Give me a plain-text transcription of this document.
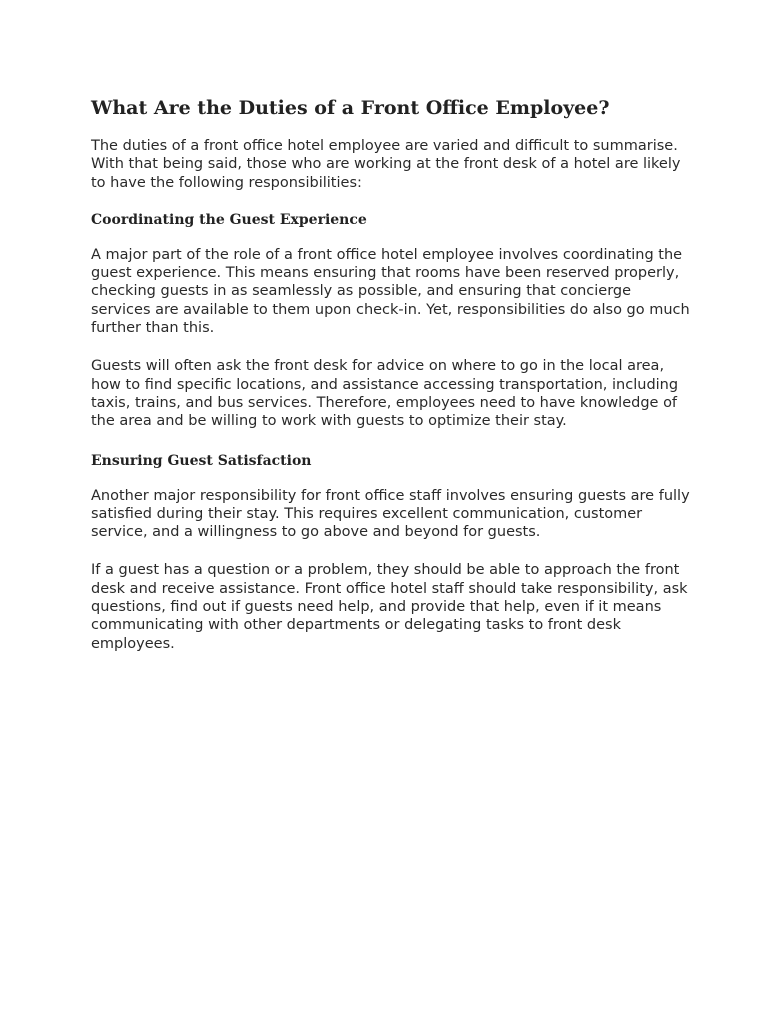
What Are the Duties of a Front Office Employee?

The duties of a front office hotel employee are varied and difficult to summarise. With that being said, those who are working at the front desk of a hotel are likely to have the following responsibilities:

Coordinating the Guest Experience

A major part of the role of a front office hotel employee involves coordinating the guest experience. This means ensuring that rooms have been reserved properly, checking guests in as seamlessly as possible, and ensuring that concierge services are available to them upon check-in. Yet, responsibilities do also go much further than this.

Guests will often ask the front desk for advice on where to go in the local area, how to find specific locations, and assistance accessing transportation, including taxis, trains, and bus services. Therefore, employees need to have knowledge of the area and be willing to work with guests to optimize their stay.

Ensuring Guest Satisfaction

Another major responsibility for front office staff involves ensuring guests are fully satisfied during their stay. This requires excellent communication, customer service, and a willingness to go above and beyond for guests.

If a guest has a question or a problem, they should be able to approach the front desk and receive assistance. Front office hotel staff should take responsibility, ask questions, find out if guests need help, and provide that help, even if it means communicating with other departments or delegating tasks to front desk employees.
